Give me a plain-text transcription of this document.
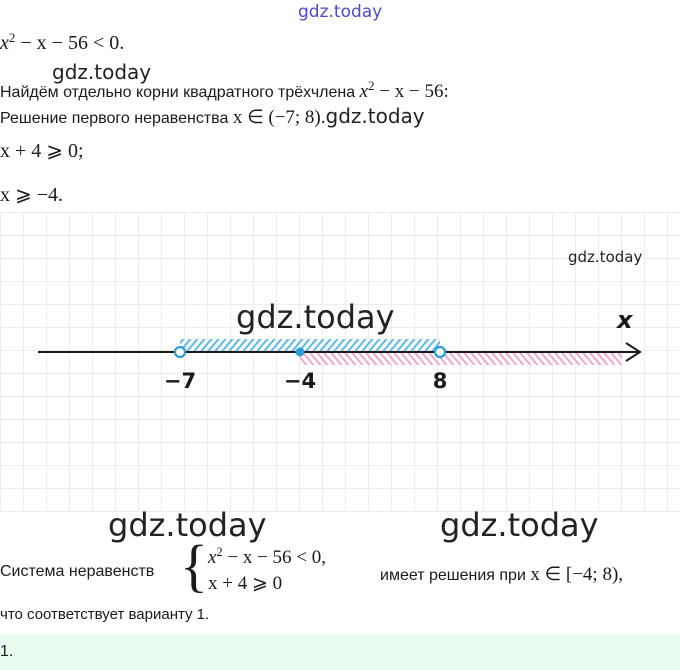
gdz.today
$x^2 - x - 56 < 0$.
gdz.today
Найдём отдельно корни квадратного трёхчлена $x^2 - x - 56$:
Решение первого неравенства x ∈ (−7; 8).gdz.today
x + 4 ⩾ 0;
x ⩾ −4.
gdz.today
gdz.today	x
−7	−4	8
gdz.today	gdz.today
Система неравенств { $x^2 - x - 56 < 0$,
x + 4 ⩾ 0	имеет решения при x ∈ [−4; 8),
что соответствует варианту 1.
1.
